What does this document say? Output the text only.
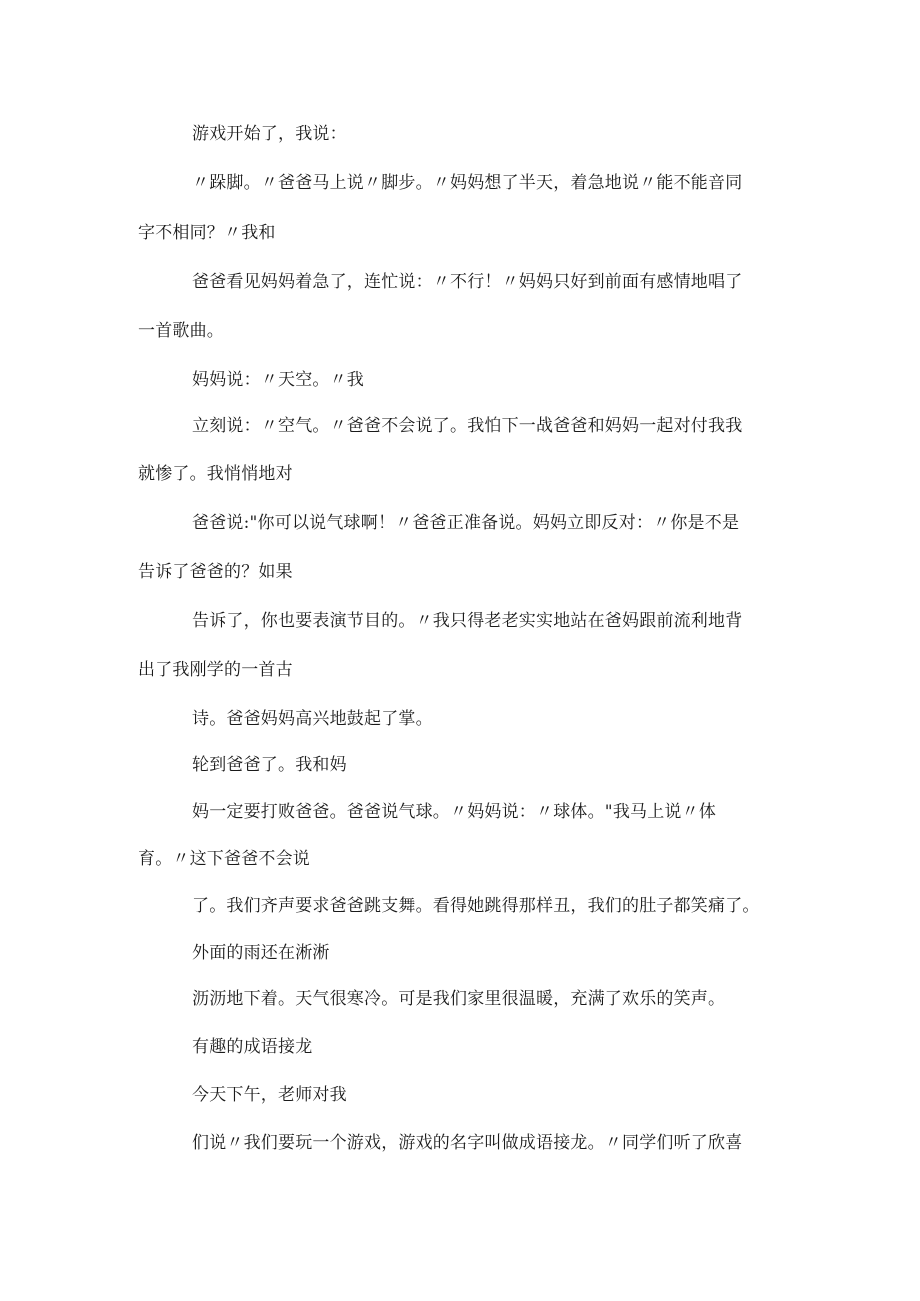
游戏开始了，我说：
〃跺脚。〃爸爸马上说〃脚步。〃妈妈想了半天，着急地说〃能不能音同
字不相同？〃我和
爸爸看见妈妈着急了，连忙说：〃不行！〃妈妈只好到前面有感情地唱了
一首歌曲。
妈妈说：〃天空。〃我
立刻说：〃空气。〃爸爸不会说了。我怕下一战爸爸和妈妈一起对付我我
就惨了。我悄悄地对
爸爸说:"你可以说气球啊！〃爸爸正准备说。妈妈立即反对：〃你是不是
告诉了爸爸的？如果
告诉了，你也要表演节目的。〃我只得老老实实地站在爸妈跟前流利地背
出了我刚学的一首古
诗。爸爸妈妈高兴地鼓起了掌。
轮到爸爸了。我和妈
妈一定要打败爸爸。爸爸说气球。〃妈妈说：〃球体。"我马上说〃体
育。〃这下爸爸不会说
了。我们齐声要求爸爸跳支舞。看得她跳得那样丑，我们的肚子都笑痛了。
外面的雨还在淅淅
沥沥地下着。天气很寒冷。可是我们家里很温暖，充满了欢乐的笑声。
有趣的成语接龙
今天下午，老师对我
们说〃我们要玩一个游戏，游戏的名字叫做成语接龙。〃同学们听了欣喜
